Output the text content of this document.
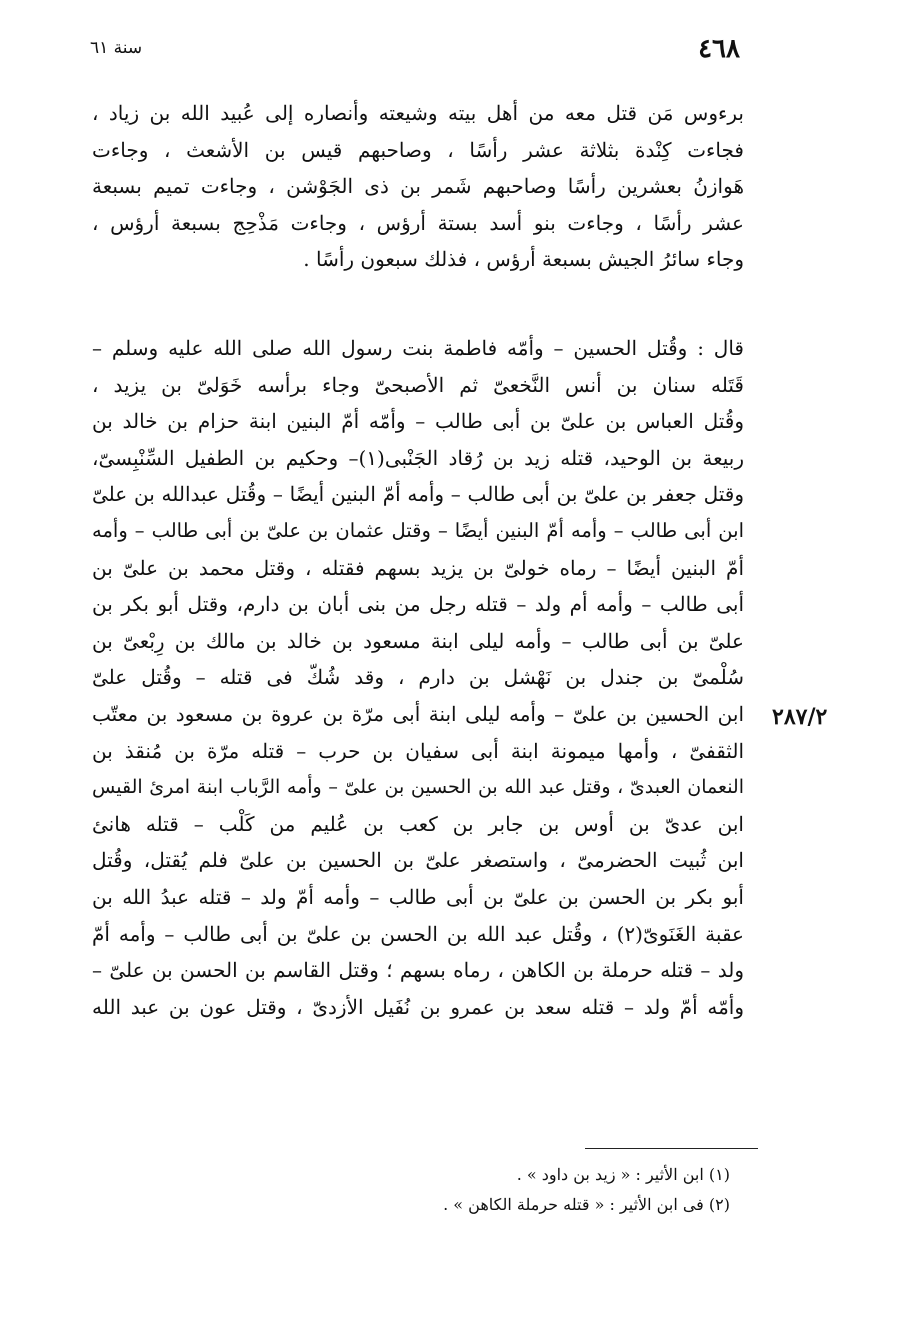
٤٦٨
سنة ٦١
٢٨٧/٢
برءوس مَن قتل معه من أهل بيته وشيعته وأنصاره إلى عُبيد الله بن زياد ،
فجاءت كِنْدة بثلاثة عشر رأسًا ، وصاحبهم قيس بن الأشعث ، وجاءت
هَوازنُ بعشرين رأسًا وصاحبهم شَمر بن ذى الجَوْشن ، وجاءت تميم بسبعة
عشر رأسًا ، وجاءت بنو أسد بستة أرؤس ، وجاءت مَذْحِج بسبعة أرؤس ،
وجاء سائرُ الجيش بسبعة أرؤس ، فذلك سبعون رأسًا .
قال : وقُتل الحسين – وأمّه فاطمة بنت رسول الله صلى الله عليه وسلم –
قَتَله سنان بن أنس النَّخعىّ ثم الأصبحىّ وجاء برأسه خَوَلىّ بن يزيد ،
وقُتل العباس بن علىّ بن أبى طالب – وأمّه أمّ البنين ابنة حزام بن خالد بن
ربيعة بن الوحيد، قتله زيد بن رُقاد الجَنْبى(١)– وحكيم بن الطفيل السِّنْبِسىّ،
وقتل جعفر بن علىّ بن أبى طالب – وأمه أمّ البنين أيضًا – وقُتل عبدالله بن علىّ
ابن أبى طالب – وأمه أمّ البنين أيضًا – وقتل عثمان بن علىّ بن أبى طالب – وأمه
أمّ البنين أيضًا – رماه خولىّ بن يزيد بسهم فقتله ، وقتل محمد بن علىّ بن
أبى طالب – وأمه أم ولد – قتله رجل من بنى أبان بن دارم، وقتل أبو بكر بن
علىّ بن أبى طالب – وأمه ليلى ابنة مسعود بن خالد بن مالك بن رِبْعىّ بن
سُلْمىّ بن جندل بن نَهْشل بن دارم ، وقد شُكّ فى قتله – وقُتل علىّ
ابن الحسين بن علىّ – وأمه ليلى ابنة أبى مرّة بن عروة بن مسعود بن معتّب
الثقفىّ ، وأمها ميمونة ابنة أبى سفيان بن حرب – قتله مرّة بن مُنقذ بن
النعمان العبدىّ ، وقتل عبد الله بن الحسين بن علىّ – وأمه الرَّباب ابنة امرئ القيس
ابن عدىّ بن أوس بن جابر بن كعب بن عُليم من كَلْب – قتله هانئ
ابن ثُبيت الحضرمىّ ، واستصغر علىّ بن الحسين بن علىّ فلم يُقتل، وقُتل
أبو بكر بن الحسن بن علىّ بن أبى طالب – وأمه أمّ ولد – قتله عبدُ الله بن
عقبة الغَنَوىّ(٢) ، وقُتل عبد الله بن الحسن بن علىّ بن أبى طالب – وأمه أمّ
ولد – قتله حرملة بن الكاهن ، رماه بسهم ؛ وقتل القاسم بن الحسن بن علىّ –
وأمّه أمّ ولد – قتله سعد بن عمرو بن نُفَيل الأزدىّ ، وقتل عون بن عبد الله
(١) ابن الأثير : « زيد بن داود » .
(٢) فى ابن الأثير : « قتله حرملة الكاهن » .
